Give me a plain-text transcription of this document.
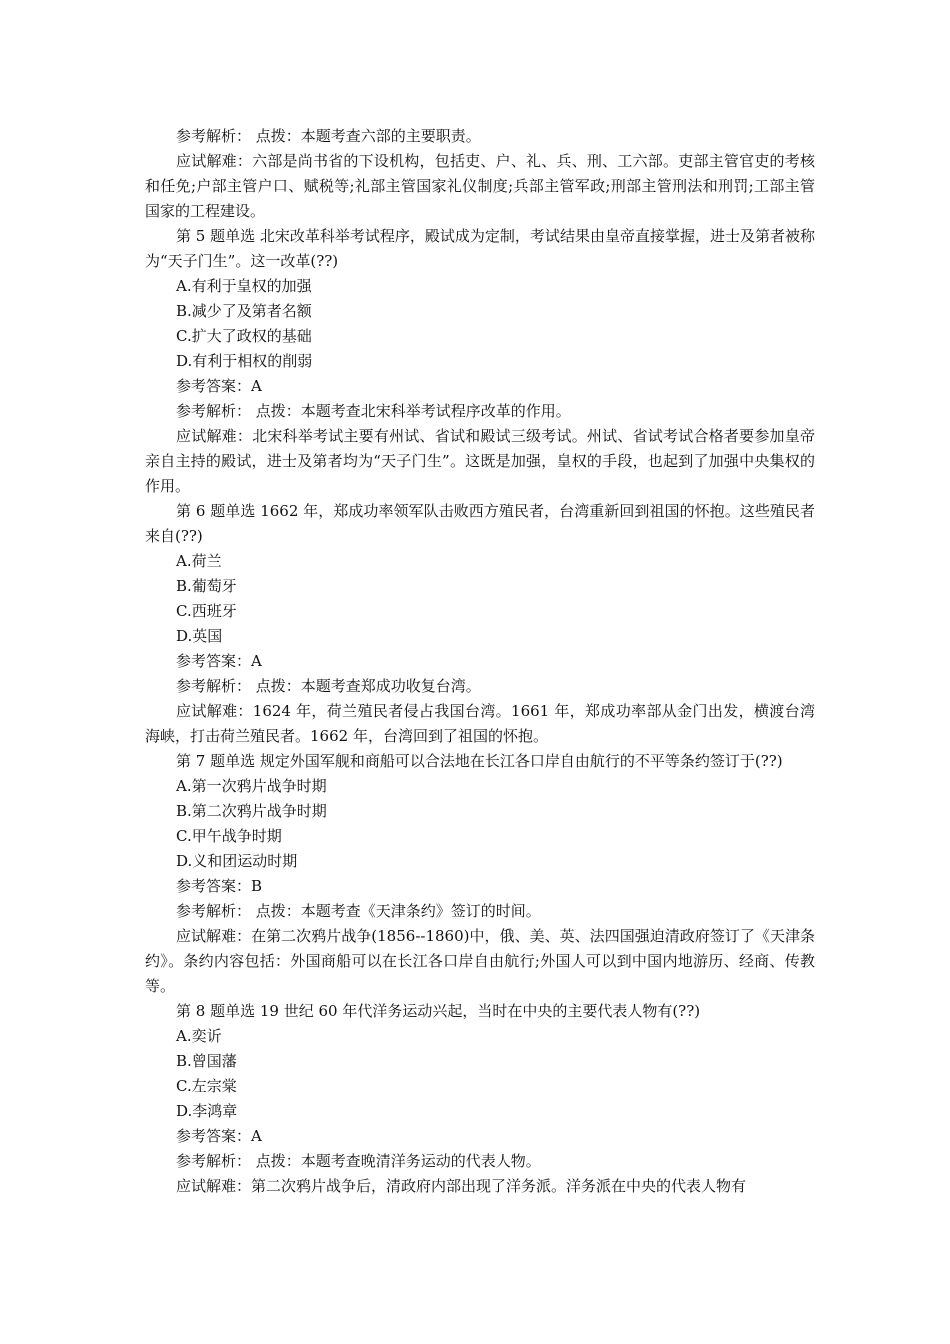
参考解析： 点拨：本题考查六部的主要职责。

应试解难：六部是尚书省的下设机构，包括吏、户、礼、兵、刑、工六部。吏部主管官吏的考核和任免;户部主管户口、赋税等;礼部主管国家礼仪制度;兵部主管军政;刑部主管刑法和刑罚;工部主管国家的工程建设。

第 5 题单选 北宋改革科举考试程序，殿试成为定制，考试结果由皇帝直接掌握，进士及第者被称为“天子门生”。这一改革(??)

A.有利于皇权的加强

B.减少了及第者名额

C.扩大了政权的基础

D.有利于相权的削弱

参考答案：A

参考解析： 点拨：本题考查北宋科举考试程序改革的作用。

应试解难：北宋科举考试主要有州试、省试和殿试三级考试。州试、省试考试合格者要参加皇帝亲自主持的殿试，进士及第者均为“天子门生”。这既是加强，皇权的手段，也起到了加强中央集权的作用。

第 6 题单选 1662 年，郑成功率领军队击败西方殖民者，台湾重新回到祖国的怀抱。这些殖民者来自(??)

A.荷兰

B.葡萄牙

C.西班牙

D.英国

参考答案：A

参考解析： 点拨：本题考查郑成功收复台湾。

应试解难：1624 年，荷兰殖民者侵占我国台湾。1661 年，郑成功率部从金门出发，横渡台湾海峡，打击荷兰殖民者。1662 年，台湾回到了祖国的怀抱。

第 7 题单选 规定外国军舰和商船可以合法地在长江各口岸自由航行的不平等条约签订于(??)

A.第一次鸦片战争时期

B.第二次鸦片战争时期

C.甲午战争时期

D.义和团运动时期

参考答案：B

参考解析： 点拨：本题考查《天津条约》签订的时间。

应试解难：在第二次鸦片战争(1856--1860)中，俄、美、英、法四国强迫清政府签订了《天津条约》。条约内容包括：外国商船可以在长江各口岸自由航行;外国人可以到中国内地游历、经商、传教等。

第 8 题单选 19 世纪 60 年代洋务运动兴起，当时在中央的主要代表人物有(??)

A.奕䜣

B.曾国藩

C.左宗棠

D.李鸿章

参考答案：A

参考解析： 点拨：本题考查晚清洋务运动的代表人物。

应试解难：第二次鸦片战争后，清政府内部出现了洋务派。洋务派在中央的代表人物有
